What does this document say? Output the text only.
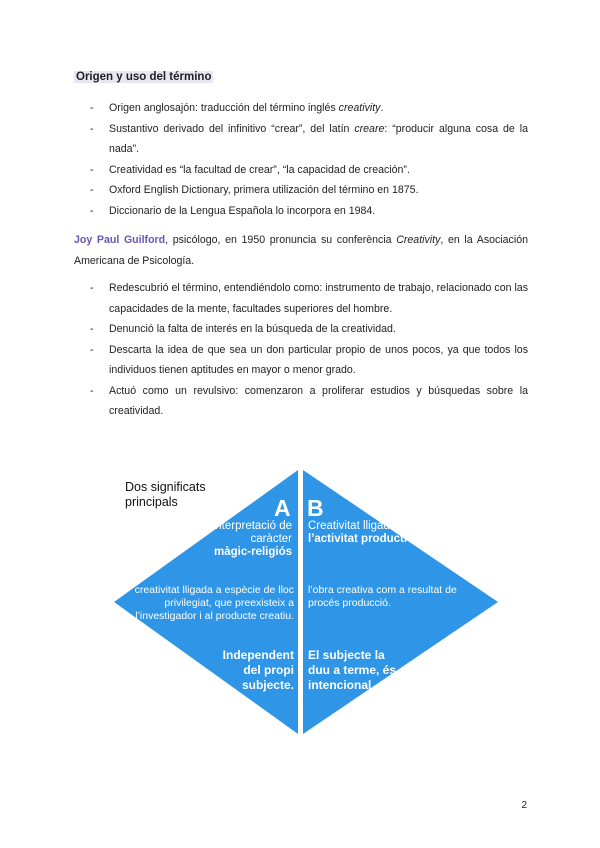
Origen y uso del término
- Origen anglosajón: traducción del término inglés creativity.
- Sustantivo derivado del infinitivo “crear”, del latín creare: “producir alguna cosa de la nada”.
- Creatividad es “la facultad de crear”, “la capacidad de creación”.
- Oxford English Dictionary, primera utilización del término en 1875.
- Diccionario de la Lengua Española lo incorpora en 1984.
Joy Paul Guilford, psicólogo, en 1950 pronuncia su conferència Creativity, en la Asociación Americana de Psicología.
- Redescubrió el término, entendiéndolo como: instrumento de trabajo, relacionado con las capacidades de la mente, facultades superiores del hombre.
- Denunció la falta de interés en la búsqueda de la creatividad.
- Descarta la idea de que sea un don particular propio de unos pocos, ya que todos los individuos tienen aptitudes en mayor o menor grado.
- Actuó como un revulsivo: comenzaron a proliferar estudios y búsquedas sobre la creatividad.
Dos significats principals	A B
Interpretació de caràcter
màgic-religiós
Creativitat lligada a
l’activitat productiva
creativitat lligada a espècie de lloc privilegiat, que preexisteix a l’investigador i al producte creatiu.
l’obra creativa com a resultat de procés producció.
Independent del propi subjecte.
El subjecte la duu a terme, és intencional
2
